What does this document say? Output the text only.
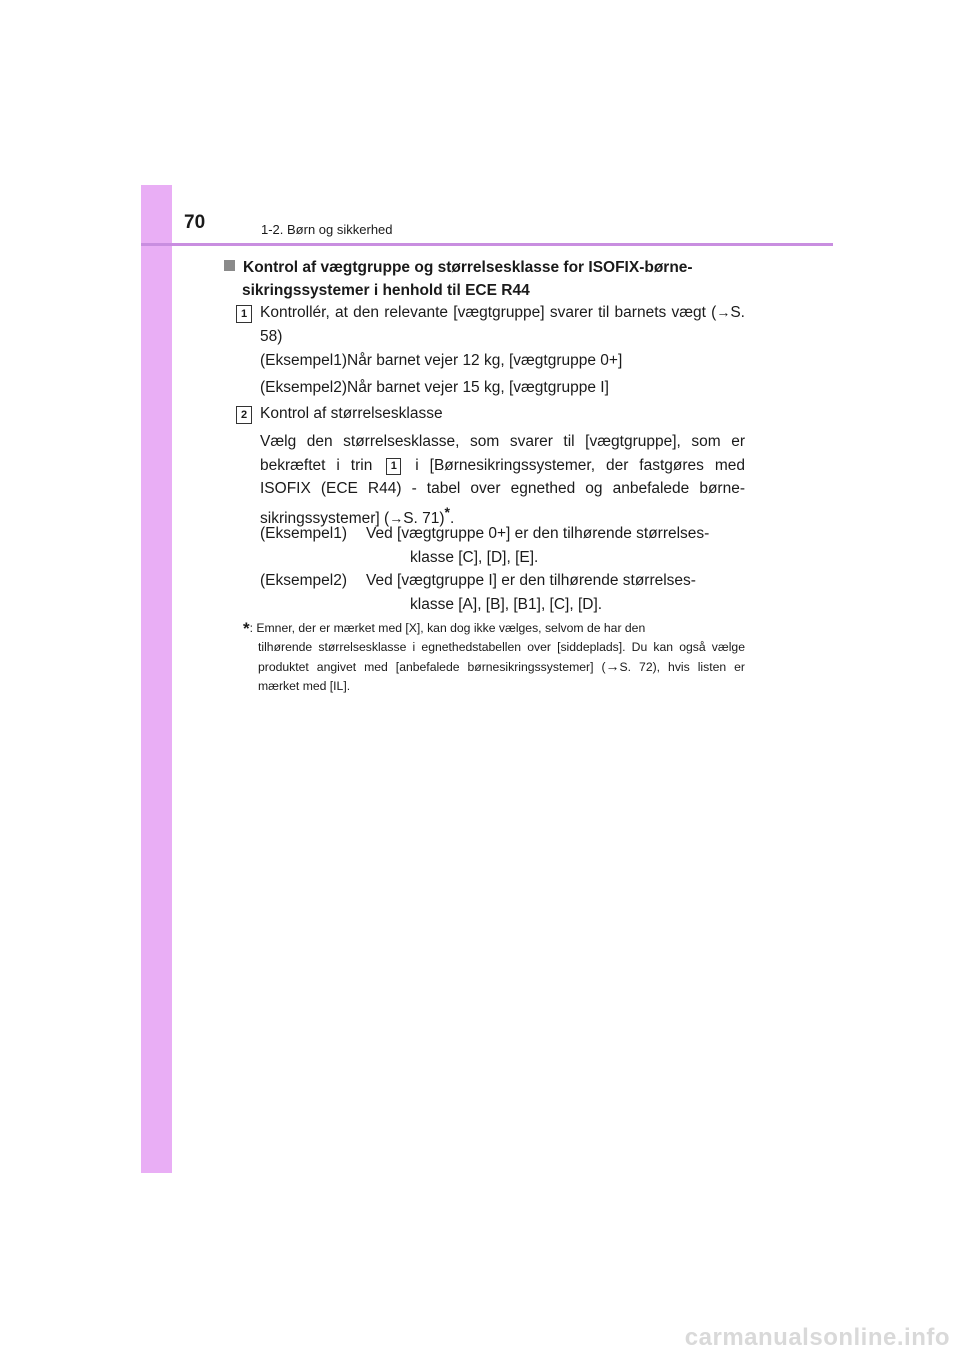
70	1-2. Børn og sikkerhed
Kontrol af vægtgruppe og størrelsesklasse for ISOFIX-børne-
sikringssystemer i henhold til ECE R44
1 Kontrollér, at den relevante [vægtgruppe] svarer til barnets vægt (→S. 58)
(Eksempel1)Når barnet vejer 12 kg, [vægtgruppe 0+]
(Eksempel2)Når barnet vejer 15 kg, [vægtgruppe I]
2 Kontrol af størrelsesklasse
Vælg den størrelsesklasse, som svarer til [vægtgruppe], som er bekræftet i trin 1 i [Børnesikringssystemer, der fastgøres med ISOFIX (ECE R44) - tabel over egnethed og anbefalede børne-sikringssystemer] (→S. 71)*.
(Eksempel1) Ved [vægtgruppe 0+] er den tilhørende størrelses-
klasse [C], [D], [E].
(Eksempel2) Ved [vægtgruppe I] er den tilhørende størrelses-
klasse [A], [B], [B1], [C], [D].
*: Emner, der er mærket med [X], kan dog ikke vælges, selvom de har den
tilhørende størrelsesklasse i egnethedstabellen over [siddeplads]. Du kan også vælge produktet angivet med [anbefalede børnesikringssystemer] (→S. 72), hvis listen er mærket med [IL].
carmanualsonline.info
